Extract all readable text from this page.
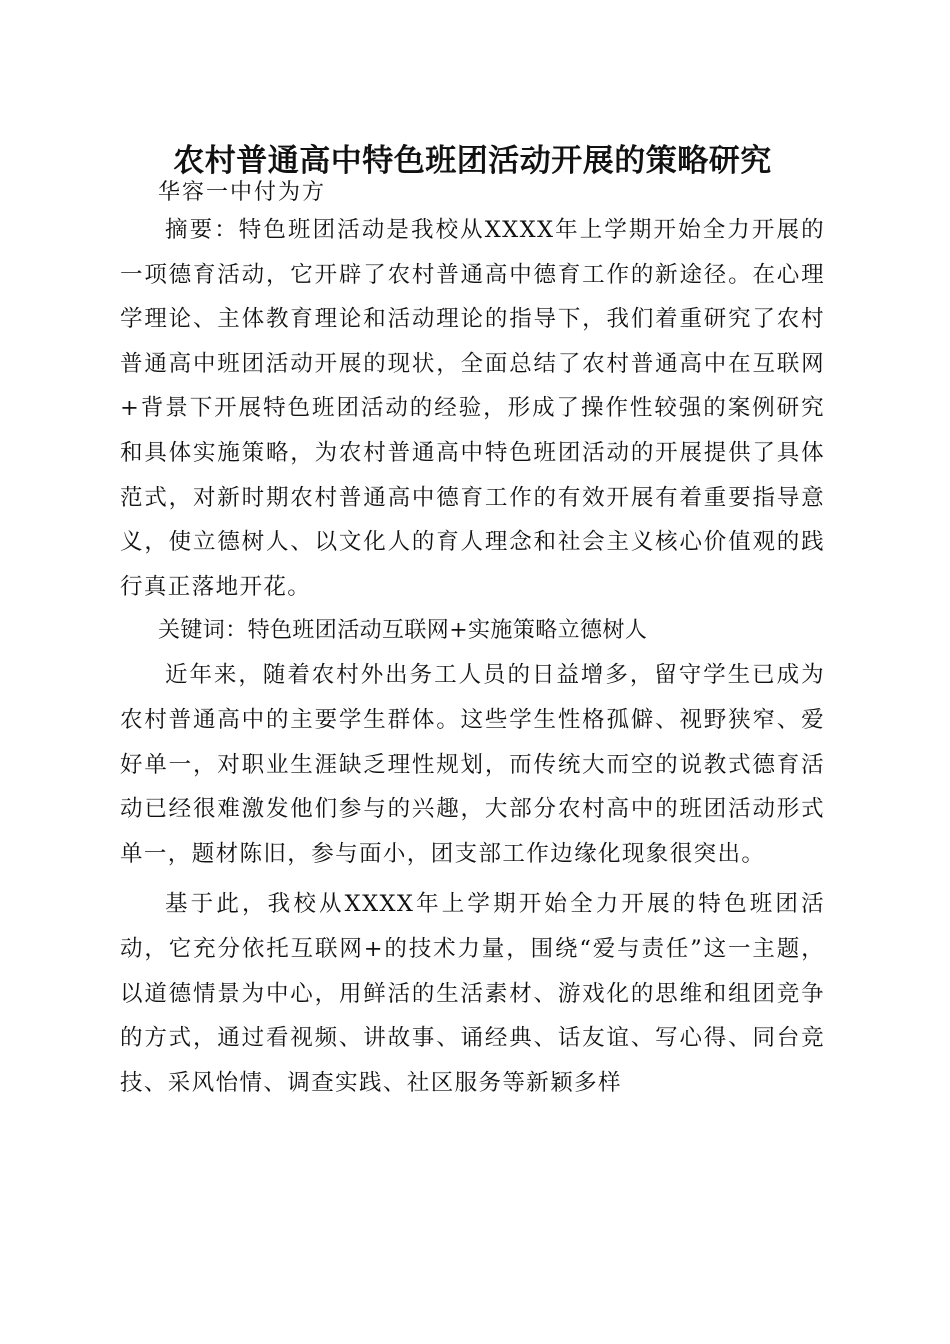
农村普通高中特色班团活动开展的策略研究

华容一中付为方

摘要：特色班团活动是我校从XXXX年上学期开始全力开展的一项德育活动，它开辟了农村普通高中德育工作的新途径。在心理学理论、主体教育理论和活动理论的指导下，我们着重研究了农村普通高中班团活动开展的现状，全面总结了农村普通高中在互联网+背景下开展特色班团活动的经验，形成了操作性较强的案例研究和具体实施策略，为农村普通高中特色班团活动的开展提供了具体范式，对新时期农村普通高中德育工作的有效开展有着重要指导意义，使立德树人、以文化人的育人理念和社会主义核心价值观的践行真正落地开花。

关键词：特色班团活动互联网+实施策略立德树人

近年来，随着农村外出务工人员的日益增多，留守学生已成为农村普通高中的主要学生群体。这些学生性格孤僻、视野狭窄、爱好单一，对职业生涯缺乏理性规划，而传统大而空的说教式德育活动已经很难激发他们参与的兴趣，大部分农村高中的班团活动形式单一，题材陈旧，参与面小，团支部工作边缘化现象很突出。

基于此，我校从XXXX年上学期开始全力开展的特色班团活动，它充分依托互联网+的技术力量，围绕“爱与责任”这一主题，以道德情景为中心，用鲜活的生活素材、游戏化的思维和组团竞争的方式，通过看视频、讲故事、诵经典、话友谊、写心得、同台竞技、采风怡情、调查实践、社区服务等新颖多样
